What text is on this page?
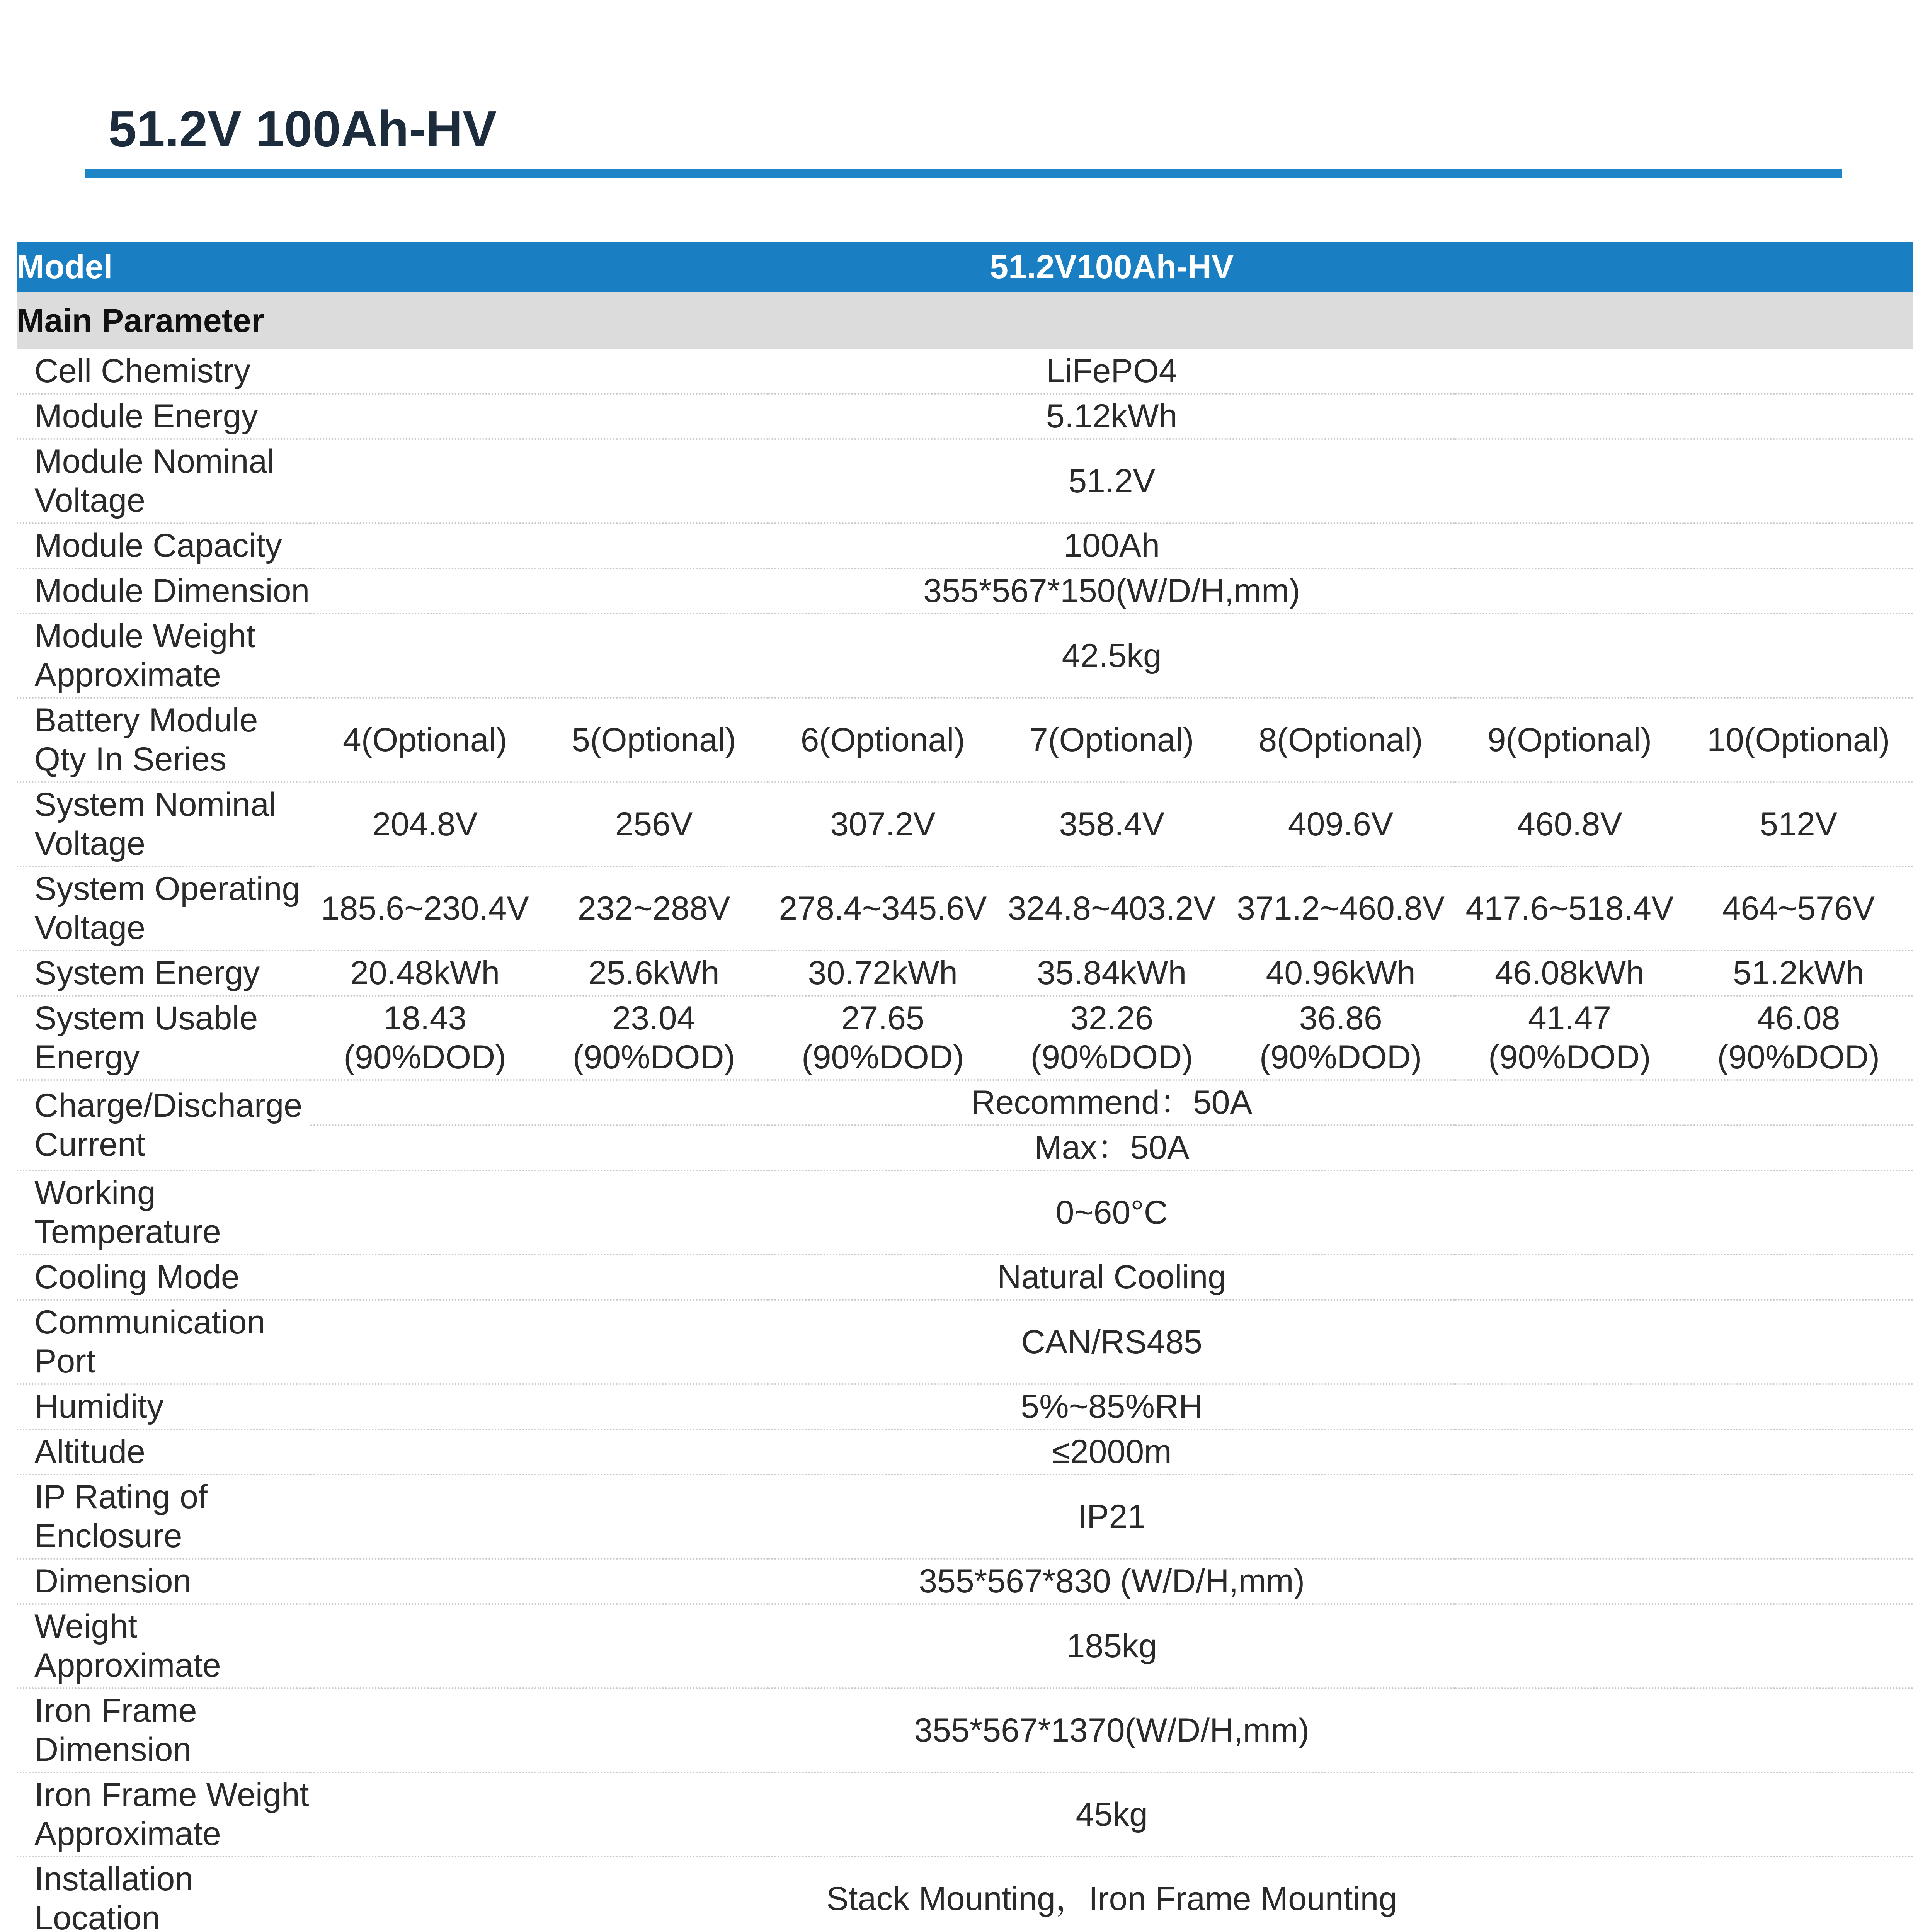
51.2V 100Ah-HV
Model	51.2V100Ah-HV						
Main Parameter							
Cell Chemistry	LiFePO4						
Module Energy	5.12kWh						
Module Nominal Voltage	51.2V						
Module Capacity	100Ah						
Module Dimension	355*567*150(W/D/H,mm)						
Module Weight Approximate	42.5kg						
Battery Module Qty In Series	4(Optional)	5(Optional)	6(Optional)	7(Optional)	8(Optional)	9(Optional)	10(Optional)
System Nominal Voltage	204.8V	256V	307.2V	358.4V	409.6V	460.8V	512V
System Operating Voltage	185.6~230.4V	232~288V	278.4~345.6V	324.8~403.2V	371.2~460.8V	417.6~518.4V	464~576V
System Energy	20.48kWh	25.6kWh	30.72kWh	35.84kWh	40.96kWh	46.08kWh	51.2kWh
System Usable Energy	18.43 (90%DOD)	23.04 (90%DOD)	27.65 (90%DOD)	32.26 (90%DOD)	36.86 (90%DOD)	41.47 (90%DOD)	46.08 (90%DOD)
Charge/Discharge Current	Recommend：50A						
	Max：50A						
Working Temperature	0~60°C						
Cooling Mode	Natural Cooling						
Communication Port	CAN/RS485						
Humidity	5%~85%RH						
Altitude	≤2000m						
IP Rating of Enclosure	IP21						
Dimension	355*567*830 (W/D/H,mm)						
Weight Approximate	185kg						
Iron Frame Dimension	355*567*1370(W/D/H,mm)						
Iron Frame Weight Approximate	45kg						
Installation Location	Stack Mounting，Iron Frame Mounting						
